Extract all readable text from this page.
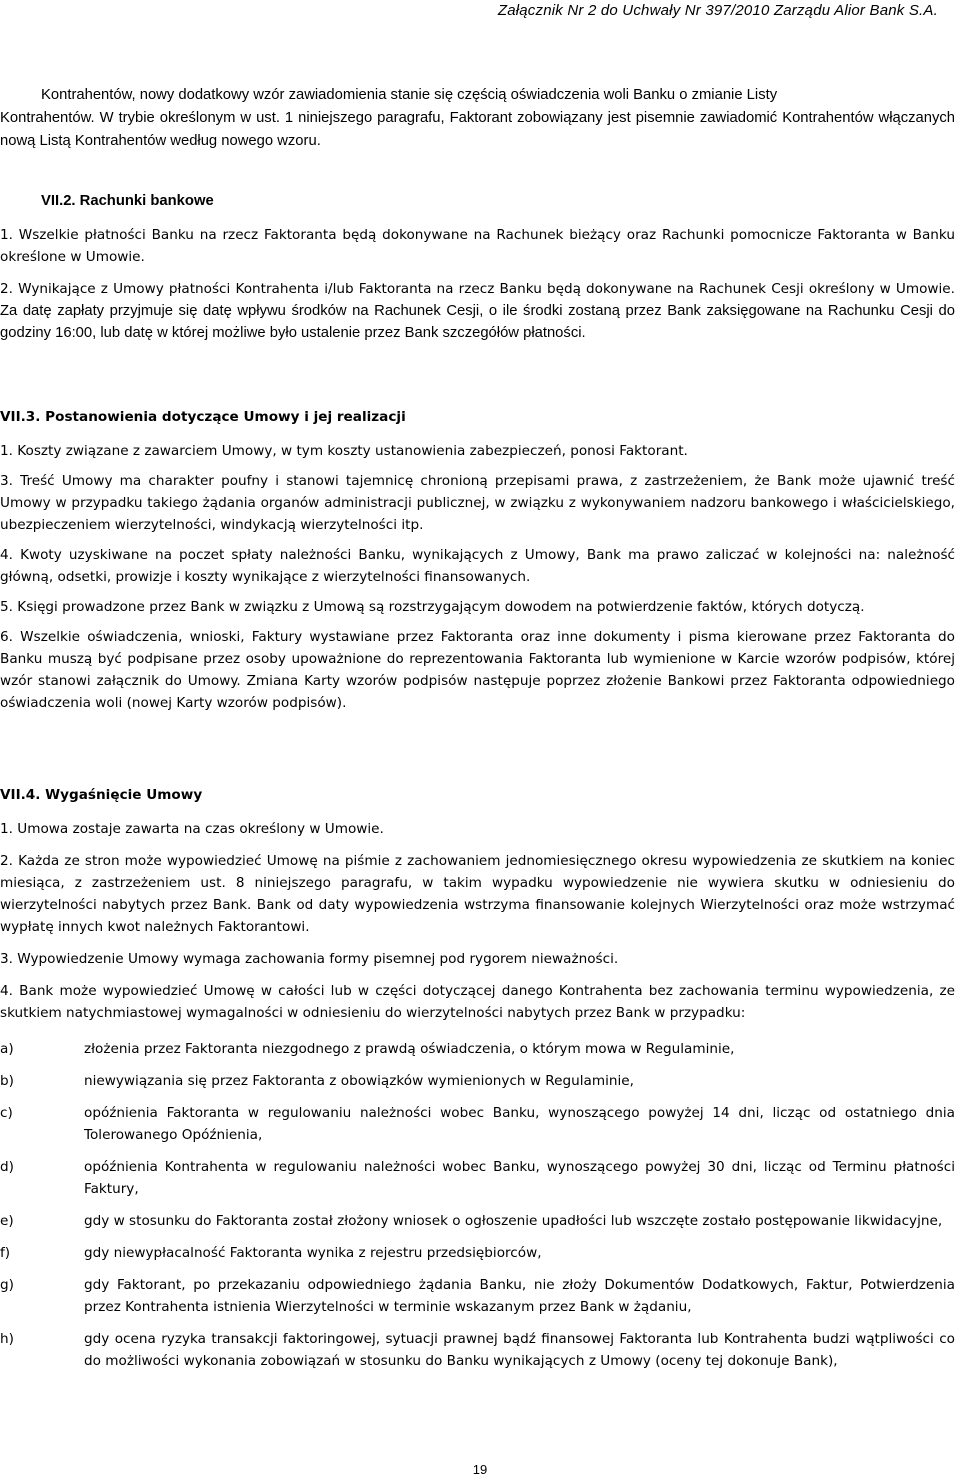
Załącznik Nr 2 do Uchwały Nr 397/2010 Zarządu Alior Bank S.A.

Kontrahentów, nowy dodatkowy wzór zawiadomienia stanie się częścią oświadczenia woli Banku o zmianie Listy

Kontrahentów. W trybie określonym w ust. 1 niniejszego paragrafu, Faktorant zobowiązany jest pisemnie zawiadomić Kontrahentów włączanych nową Listą Kontrahentów według nowego wzoru.

VII.2. Rachunki bankowe

1. Wszelkie płatności Banku na rzecz Faktoranta będą dokonywane na Rachunek bieżący oraz Rachunki pomocnicze Faktoranta w Banku określone w Umowie.

2. Wynikające z Umowy płatności Kontrahenta i/lub Faktoranta na rzecz Banku będą dokonywane na Rachunek Cesji określony w Umowie. Za datę zapłaty przyjmuje się datę wpływu środków na Rachunek Cesji, o ile środki zostaną przez Bank zaksięgowane na Rachunku Cesji do godziny 16:00, lub datę w której możliwe było ustalenie przez Bank szczegółów płatności.

VII.3. Postanowienia dotyczące Umowy i jej realizacji

1. Koszty związane z zawarciem Umowy, w tym koszty ustanowienia zabezpieczeń, ponosi Faktorant.

3. Treść Umowy ma charakter poufny i stanowi tajemnicę chronioną przepisami prawa, z zastrzeżeniem, że Bank może ujawnić treść Umowy w przypadku takiego żądania organów administracji publicznej, w związku z wykonywaniem nadzoru bankowego i właścicielskiego, ubezpieczeniem wierzytelności, windykacją wierzytelności itp.

4. Kwoty uzyskiwane na poczet spłaty należności Banku, wynikających z Umowy, Bank ma prawo zaliczać w kolejności na: należność główną, odsetki, prowizje i koszty wynikające z wierzytelności finansowanych.

5. Księgi prowadzone przez Bank w związku z Umową są rozstrzygającym dowodem na potwierdzenie faktów, których dotyczą.

6. Wszelkie oświadczenia, wnioski, Faktury wystawiane przez Faktoranta oraz inne dokumenty i pisma kierowane przez Faktoranta do Banku muszą być podpisane przez osoby upoważnione do reprezentowania Faktoranta lub wymienione w Karcie wzorów podpisów, której wzór stanowi załącznik do Umowy. Zmiana Karty wzorów podpisów następuje poprzez złożenie Bankowi przez Faktoranta odpowiedniego oświadczenia woli (nowej Karty wzorów podpisów).

VII.4. Wygaśnięcie Umowy

1. Umowa zostaje zawarta na czas określony w Umowie.

2. Każda ze stron może wypowiedzieć Umowę na piśmie z zachowaniem jednomiesięcznego okresu wypowiedzenia ze skutkiem na koniec miesiąca, z zastrzeżeniem ust. 8 niniejszego paragrafu, w takim wypadku wypowiedzenie nie wywiera skutku w odniesieniu do wierzytelności nabytych przez Bank. Bank od daty wypowiedzenia wstrzyma finansowanie kolejnych Wierzytelności oraz może wstrzymać wypłatę innych kwot należnych Faktorantowi.

3. Wypowiedzenie Umowy wymaga zachowania formy pisemnej pod rygorem nieważności.

4. Bank może wypowiedzieć Umowę w całości lub w części dotyczącej danego Kontrahenta bez zachowania terminu wypowiedzenia, ze skutkiem natychmiastowej wymagalności w odniesieniu do wierzytelności nabytych przez Bank w przypadku:

a)	złożenia przez Faktoranta niezgodnego z prawdą oświadczenia, o którym mowa w Regulaminie,
b)	niewywiązania się przez Faktoranta z obowiązków wymienionych w Regulaminie,
c)	opóźnienia Faktoranta w regulowaniu należności wobec Banku, wynoszącego powyżej 14 dni, licząc od ostatniego dnia Tolerowanego Opóźnienia,
d)	opóźnienia Kontrahenta w regulowaniu należności wobec Banku, wynoszącego powyżej 30 dni, licząc od Terminu płatności Faktury,
e)	gdy w stosunku do Faktoranta został złożony wniosek o ogłoszenie upadłości lub wszczęte zostało postępowanie likwidacyjne,
f)	gdy niewypłacalność Faktoranta wynika z rejestru przedsiębiorców,
g)	gdy Faktorant, po przekazaniu odpowiedniego żądania Banku, nie złoży Dokumentów Dodatkowych, Faktur, Potwierdzenia przez Kontrahenta istnienia Wierzytelności w terminie wskazanym przez Bank w żądaniu,
h)	gdy ocena ryzyka transakcji faktoringowej, sytuacji prawnej bądź finansowej Faktoranta lub Kontrahenta budzi wątpliwości co do możliwości wykonania zobowiązań w stosunku do Banku wynikających z Umowy (oceny tej dokonuje Bank),
19
